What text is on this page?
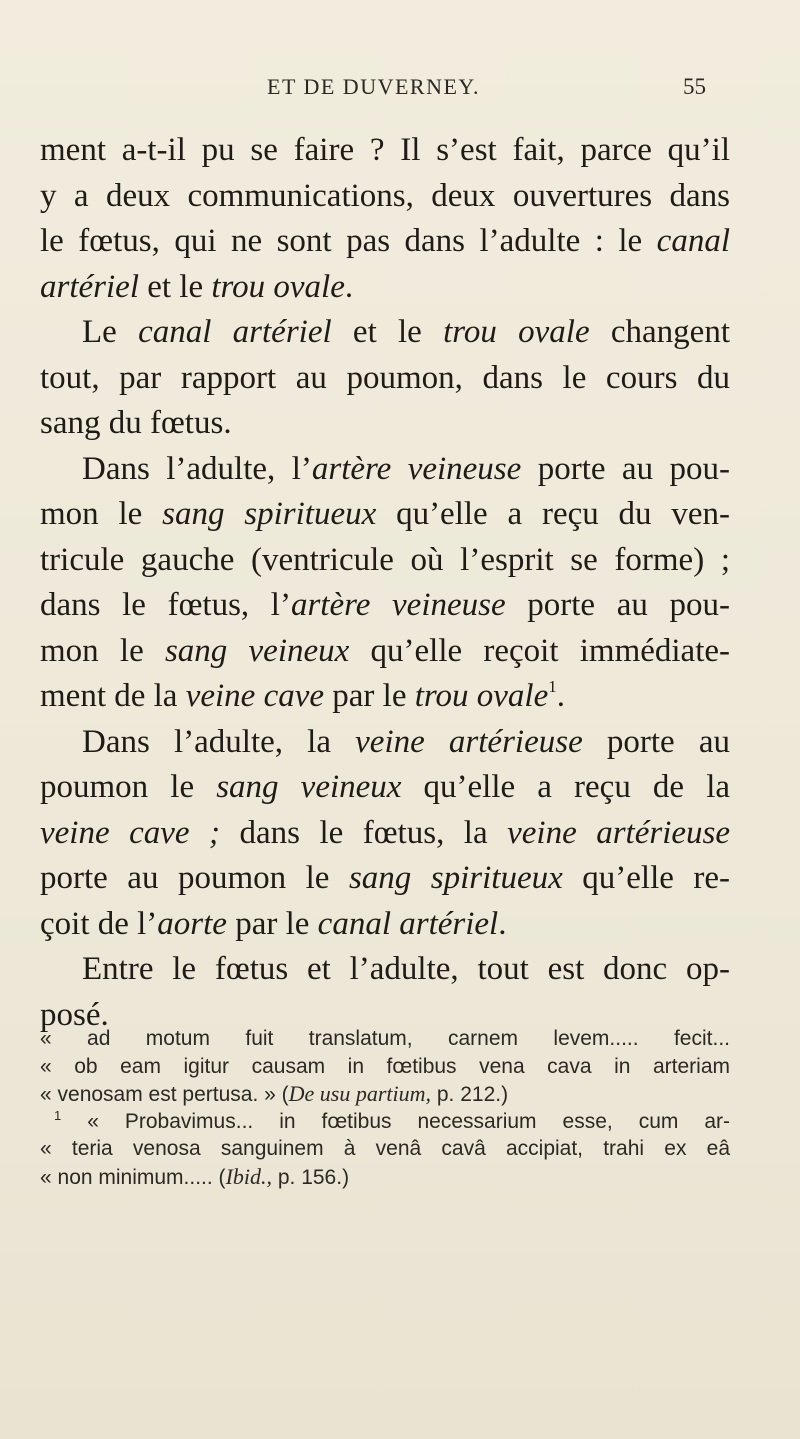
ET DE DUVERNEY.	55
ment a-t-il pu se faire ? Il s’est fait, parce qu’il
y a deux communications, deux ouvertures dans
le fœtus, qui ne sont pas dans l’adulte : le canal
artériel et le trou ovale.
Le canal artériel et le trou ovale changent
tout, par rapport au poumon, dans le cours du
sang du fœtus.
Dans l’adulte, l’artère veineuse porte au pou-
mon le sang spiritueux qu’elle a reçu du ven-
tricule gauche (ventricule où l’esprit se forme) ;
dans le fœtus, l’artère veineuse porte au pou-
mon le sang veineux qu’elle reçoit immédiate-
ment de la veine cave par le trou ovale$^1$.
Dans l’adulte, la veine artérieuse porte au
poumon le sang veineux qu’elle a reçu de la
veine cave ; dans le fœtus, la veine artérieuse
porte au poumon le sang spiritueux qu’elle re-
çoit de l’aorte par le canal artériel.
Entre le fœtus et l’adulte, tout est donc op-
posé.
« ad motum fuit translatum, carnem levem..... fecit...
« ob eam igitur causam in fœtibus vena cava in arteriam
« venosam est pertusa. » (De usu partium, p. 212.)
$^1$ « Probavimus... in fœtibus necessarium esse, cum ar-
« teria venosa sanguinem à venâ cavâ accipiat, trahi ex eâ
« non minimum..... (Ibid., p. 156.)
